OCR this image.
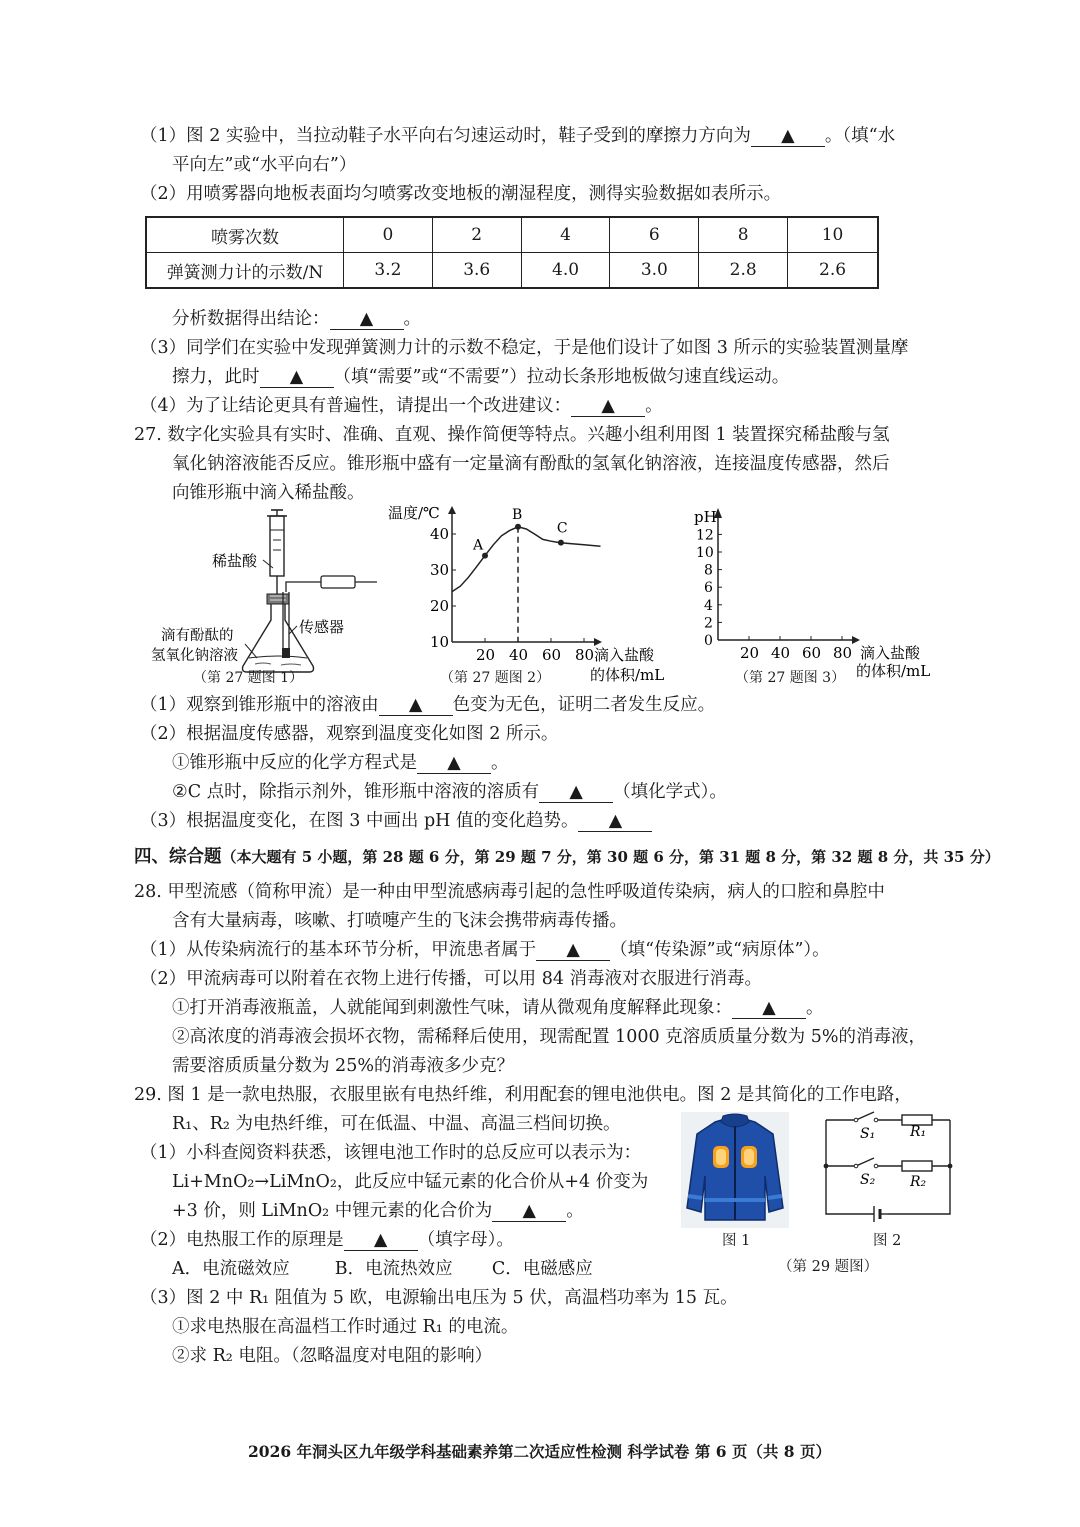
（1）图 2 实验中，当拉动鞋子水平向右匀速运动时，鞋子受到的摩擦力方向为 ▲ 。（填“水
平向左”或“水平向右”）
（2）用喷雾器向地板表面均匀喷雾改变地板的潮湿程度，测得实验数据如表所示。
喷雾次数	0	2	4	6	8	10
弹簧测力计的示数/N	3.2	3.6	4.0	3.0	2.8	2.6
分析数据得出结论： ▲ 。
（3）同学们在实验中发现弹簧测力计的示数不稳定，于是他们设计了如图 3 所示的实验装置测量摩
擦力，此时 ▲ （填“需要”或“不需要”）拉动长条形地板做匀速直线运动。
（4）为了让结论更具有普遍性，请提出一个改进建议： ▲ 。
27. 数字化实验具有实时、准确、直观、操作简便等特点。兴趣小组利用图 1 装置探究稀盐酸与氢
氧化钠溶液能否反应。锥形瓶中盛有一定量滴有酚酞的氢氧化钠溶液，连接温度传感器，然后
向锥形瓶中滴入稀盐酸。
稀盐酸
传感器
滴有酚酞的
氢氧化钠溶液
（第 27 题图 1）
10
20
30
40
20 40 60 80
A
B
C
温度/℃
滴入盐酸
的体积/mL
（第 27 题图 2）
0
2
4
6
8
10
12
20 40 60 80
pH
滴入盐酸
的体积/mL
（第 27 题图 3）
（1）观察到锥形瓶中的溶液由 ▲ 色变为无色，证明二者发生反应。
（2）根据温度传感器，观察到温度变化如图 2 所示。
①锥形瓶中反应的化学方程式是 ▲ 。
②C 点时，除指示剂外，锥形瓶中溶液的溶质有 ▲ （填化学式）。
（3）根据温度变化，在图 3 中画出 pH 值的变化趋势。 ▲
四、综合题（本大题有 5 小题，第 28 题 6 分，第 29 题 7 分，第 30 题 6 分，第 31 题 8 分，第 32 题 8 分，共 35 分）
28. 甲型流感（简称甲流）是一种由甲型流感病毒引起的急性呼吸道传染病，病人的口腔和鼻腔中
含有大量病毒，咳嗽、打喷嚏产生的飞沫会携带病毒传播。
（1）从传染病流行的基本环节分析，甲流患者属于 ▲ （填“传染源”或“病原体”）。
（2）甲流病毒可以附着在衣物上进行传播，可以用 84 消毒液对衣服进行消毒。
①打开消毒液瓶盖，人就能闻到刺激性气味，请从微观角度解释此现象： ▲ 。
②高浓度的消毒液会损坏衣物，需稀释后使用，现需配置 1000 克溶质质量分数为 5%的消毒液，
需要溶质质量分数为 25%的消毒液多少克？
29. 图 1 是一款电热服，衣服里嵌有电热纤维，利用配套的锂电池供电。图 2 是其简化的工作电路，
R₁、R₂ 为电热纤维，可在低温、中温、高温三档间切换。
（1）小科查阅资料获悉，该锂电池工作时的总反应可以表示为：
Li+MnO₂→LiMnO₂，此反应中锰元素的化合价从+4 价变为
+3 价，则 LiMnO₂ 中锂元素的化合价为 ▲ 。
（2）电热服工作的原理是 ▲ （填字母）。
A．电流磁效应	B．电流热效应 C．电磁感应
（3）图 2 中 R₁ 阻值为 5 欧，电源输出电压为 5 伏，高温档功率为 15 瓦。
①求电热服在高温档工作时通过 R₁ 的电流。
②求 R₂ 电阻。（忽略温度对电阻的影响）
图 1
S₁ R₁
S₂ R₂
图 2
（第 29 题图）
2026 年洞头区九年级学科基础素养第二次适应性检测 科学试卷 第 6 页（共 8 页）
